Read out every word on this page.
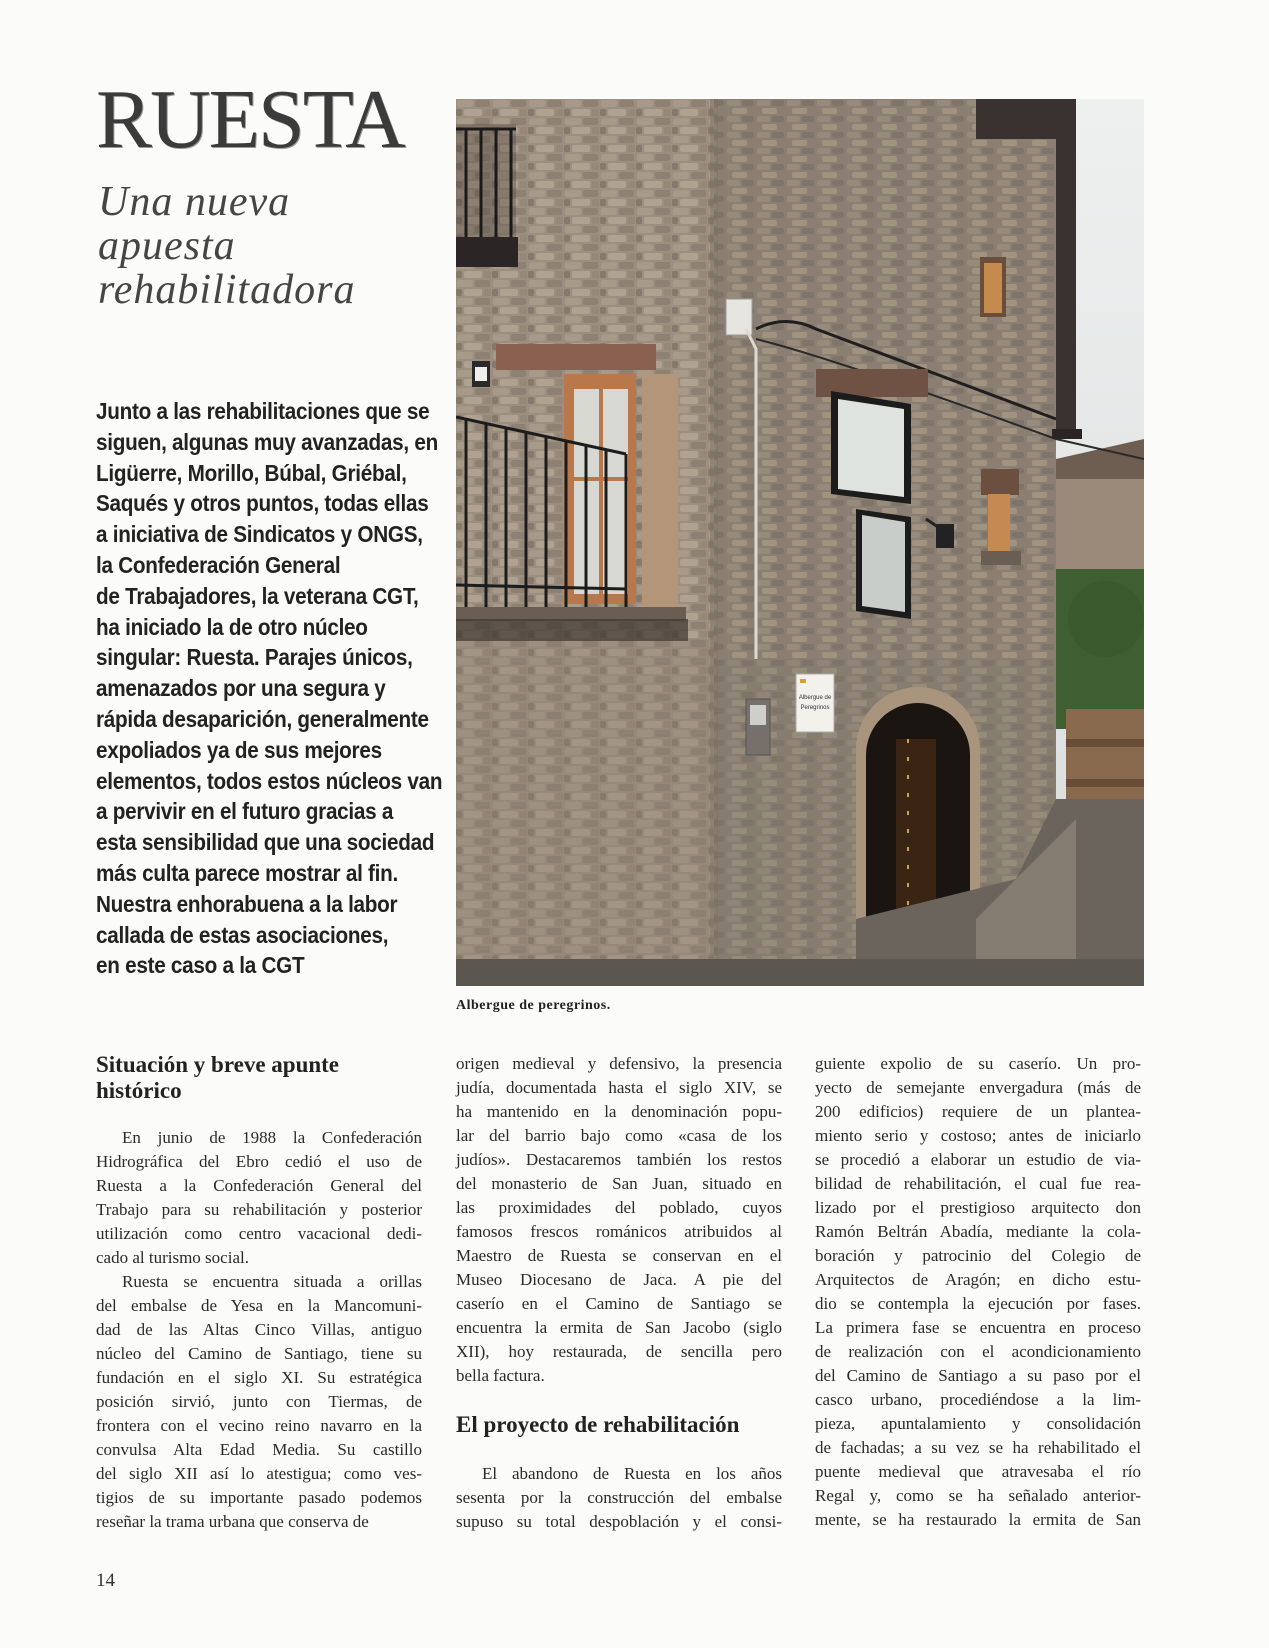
RUESTA
Una nueva
apuesta
rehabilitadora
Junto a las rehabilitaciones que se
siguen, algunas muy avanzadas, en
Ligüerre, Morillo, Búbal, Griébal,
Saqués y otros puntos, todas ellas
a iniciativa de Sindicatos y ONGS,
la Confederación General
de Trabajadores, la veterana CGT,
ha iniciado la de otro núcleo
singular: Ruesta. Parajes únicos,
amenazados por una segura y
rápida desaparición, generalmente
expoliados ya de sus mejores
elementos, todos estos núcleos van
a pervivir en el futuro gracias a
esta sensibilidad que una sociedad
más culta parece mostrar al fin.
Nuestra enhorabuena a la labor
callada de estas asociaciones,
en este caso a la CGT
Albergue de
Peregrinos
Albergue de peregrinos.
Situación y breve apunte
histórico

En junio de 1988 la Confederación
Hidrográfica del Ebro cedió el uso de
Ruesta a la Confederación General del
Trabajo para su rehabilitación y posterior
utilización como centro vacacional dedi-
cado al turismo social.

Ruesta se encuentra situada a orillas
del embalse de Yesa en la Mancomuni-
dad de las Altas Cinco Villas, antiguo
núcleo del Camino de Santiago, tiene su
fundación en el siglo XI. Su estratégica
posición sirvió, junto con Tiermas, de
frontera con el vecino reino navarro en la
convulsa Alta Edad Media. Su castillo
del siglo XII así lo atestigua; como ves-
tigios de su importante pasado podemos
reseñar la trama urbana que conserva de

origen medieval y defensivo, la presencia
judía, documentada hasta el siglo XIV, se
ha mantenido en la denominación popu-
lar del barrio bajo como «casa de los
judíos». Destacaremos también los restos
del monasterio de San Juan, situado en
las proximidades del poblado, cuyos
famosos frescos románicos atribuidos al
Maestro de Ruesta se conservan en el
Museo Diocesano de Jaca. A pie del
caserío en el Camino de Santiago se
encuentra la ermita de San Jacobo (siglo
XII), hoy restaurada, de sencilla pero
bella factura.

El proyecto de rehabilitación

El abandono de Ruesta en los años
sesenta por la construcción del embalse
supuso su total despoblación y el consi-

guiente expolio de su caserío. Un pro-
yecto de semejante envergadura (más de
200 edificios) requiere de un plantea-
miento serio y costoso; antes de iniciarlo
se procedió a elaborar un estudio de via-
bilidad de rehabilitación, el cual fue rea-
lizado por el prestigioso arquitecto don
Ramón Beltrán Abadía, mediante la cola-
boración y patrocinio del Colegio de
Arquitectos de Aragón; en dicho estu-
dio se contempla la ejecución por fases.
La primera fase se encuentra en proceso
de realización con el acondicionamiento
del Camino de Santiago a su paso por el
casco urbano, procediéndose a la lim-
pieza, apuntalamiento y consolidación
de fachadas; a su vez se ha rehabilitado el
puente medieval que atravesaba el río
Regal y, como se ha señalado anterior-
mente, se ha restaurado la ermita de San

14
